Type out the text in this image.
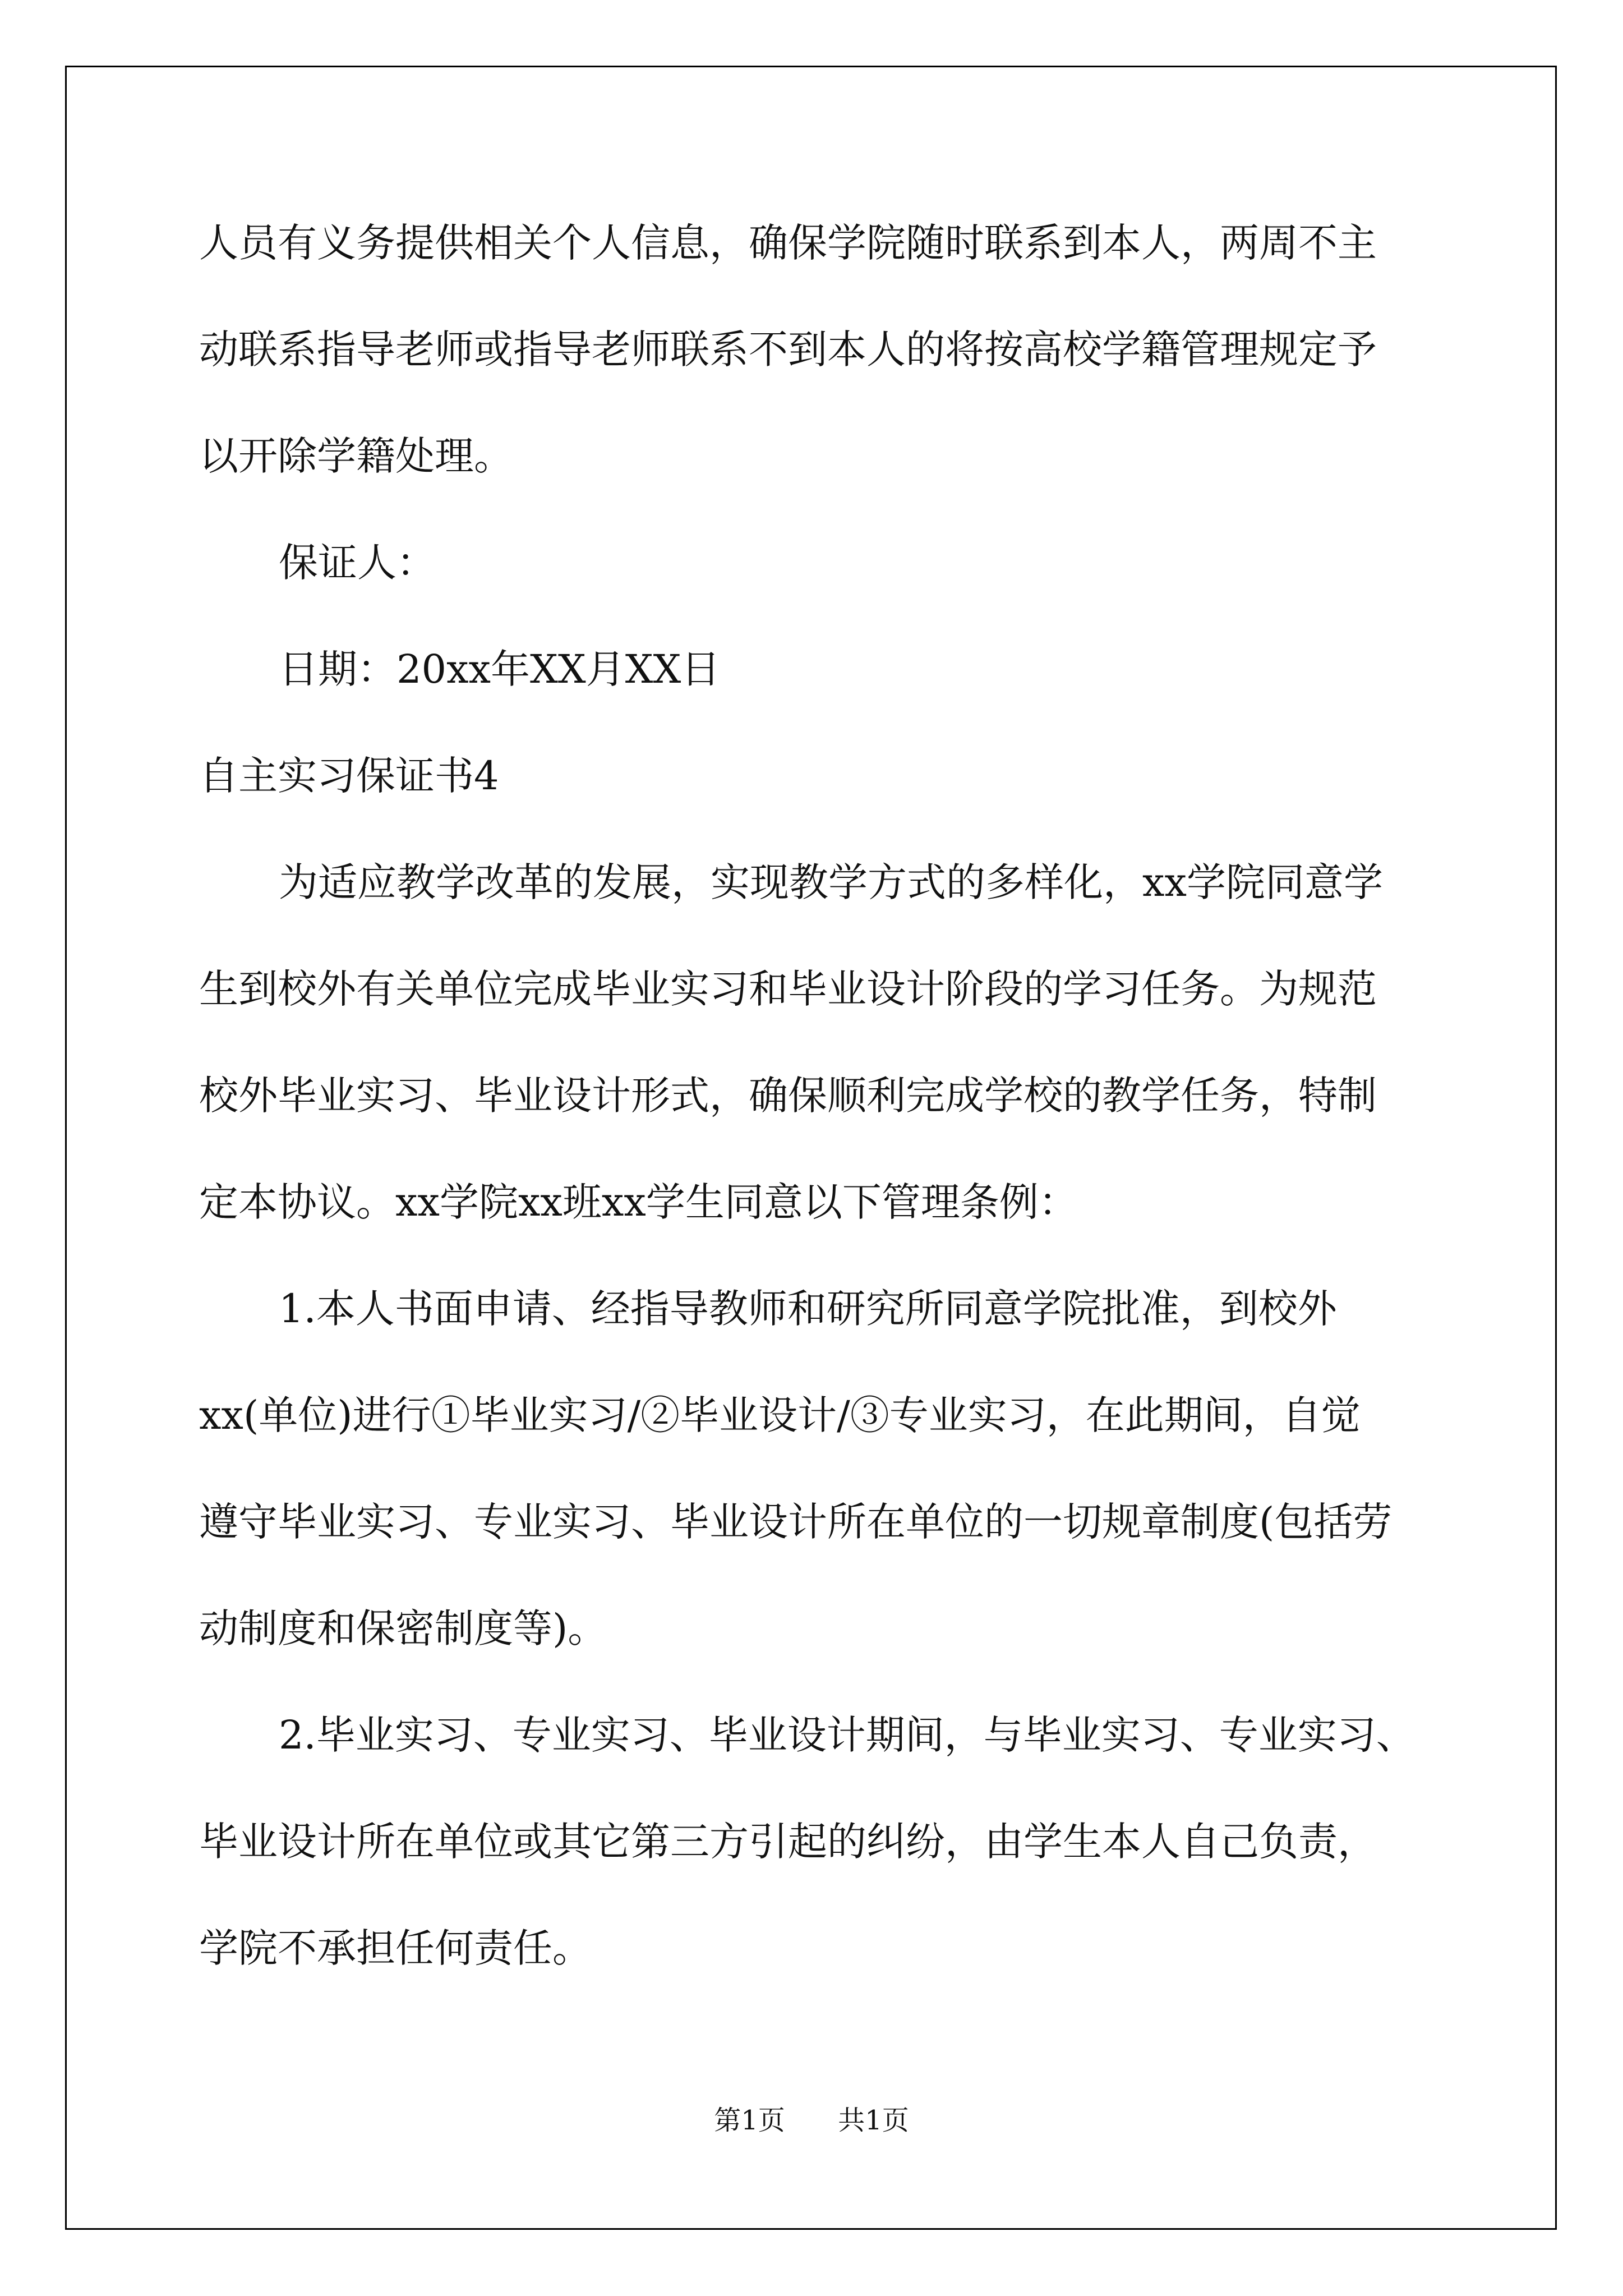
人员有义务提供相关个人信息，确保学院随时联系到本人，两周不主

动联系指导老师或指导老师联系不到本人的将按高校学籍管理规定予

以开除学籍处理。

保证人：

日期：20xx年XX月XX日

自主实习保证书4

为适应教学改革的发展，实现教学方式的多样化，xx学院同意学

生到校外有关单位完成毕业实习和毕业设计阶段的学习任务。为规范

校外毕业实习、毕业设计形式，确保顺利完成学校的教学任务，特制

定本协议。xx学院xx班xx学生同意以下管理条例：

1.本人书面申请、经指导教师和研究所同意学院批准，到校外

xx(单位)进行①毕业实习/②毕业设计/③专业实习，在此期间，自觉

遵守毕业实习、专业实习、毕业设计所在单位的一切规章制度(包括劳

动制度和保密制度等)。

2.毕业实习、专业实习、毕业设计期间，与毕业实习、专业实习、

毕业设计所在单位或其它第三方引起的纠纷，由学生本人自己负责，

学院不承担任何责任。

第1页 共1页
